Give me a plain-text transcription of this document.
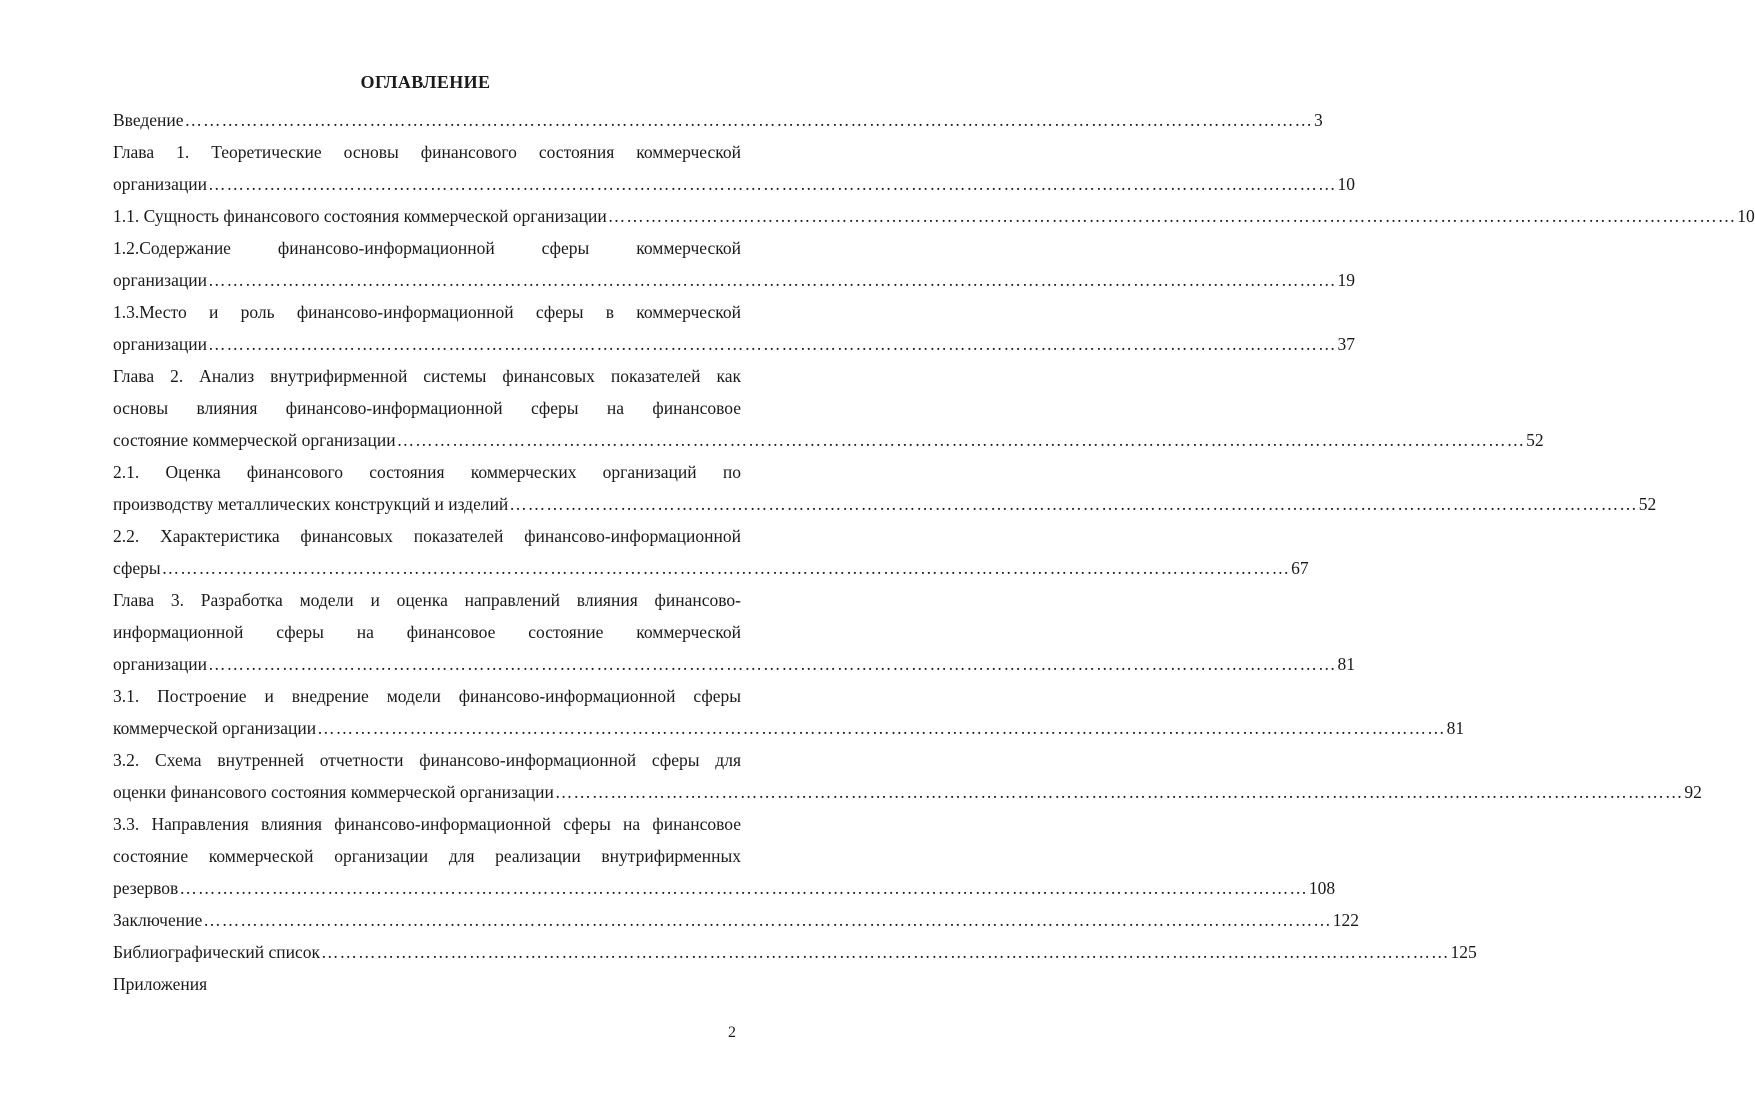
ОГЛАВЛЕНИЕ
Введение ………………………………………………………………………………………………………………………………………………………………… 3
Глава 1. Теоретические основы финансового состояния коммерческой
организации ………………………………………………………………………………………………………………………………………………………………… 10
1.1. Сущность финансового состояния коммерческой организации ………………………………………………………………………………………………………………………………………………………………… 10
1.2.Содержание финансово-информационной сферы коммерческой
организации ………………………………………………………………………………………………………………………………………………………………… 19
1.3.Место и роль финансово-информационной сферы в коммерческой
организации ………………………………………………………………………………………………………………………………………………………………… 37
Глава 2. Анализ внутрифирменной системы финансовых показателей как
основы влияния финансово-информационной сферы на финансовое
состояние коммерческой организации ………………………………………………………………………………………………………………………………………………………………… 52
2.1. Оценка финансового состояния коммерческих организаций по
производству металлических конструкций и изделий ………………………………………………………………………………………………………………………………………………………………… 52
2.2. Характеристика финансовых показателей финансово-информационной
сферы ………………………………………………………………………………………………………………………………………………………………… 67
Глава 3. Разработка модели и оценка направлений влияния финансово-
информационной сферы на финансовое состояние коммерческой
организации ………………………………………………………………………………………………………………………………………………………………… 81
3.1. Построение и внедрение модели финансово-информационной сферы
коммерческой организации ………………………………………………………………………………………………………………………………………………………………… 81
3.2. Схема внутренней отчетности финансово-информационной сферы для
оценки финансового состояния коммерческой организации ………………………………………………………………………………………………………………………………………………………………… 92
3.3. Направления влияния финансово-информационной сферы на финансовое
состояние коммерческой организации для реализации внутрифирменных
резервов ………………………………………………………………………………………………………………………………………………………………… 108
Заключение ………………………………………………………………………………………………………………………………………………………………… 122
Библиографический список ………………………………………………………………………………………………………………………………………………………………… 125
Приложения
2
